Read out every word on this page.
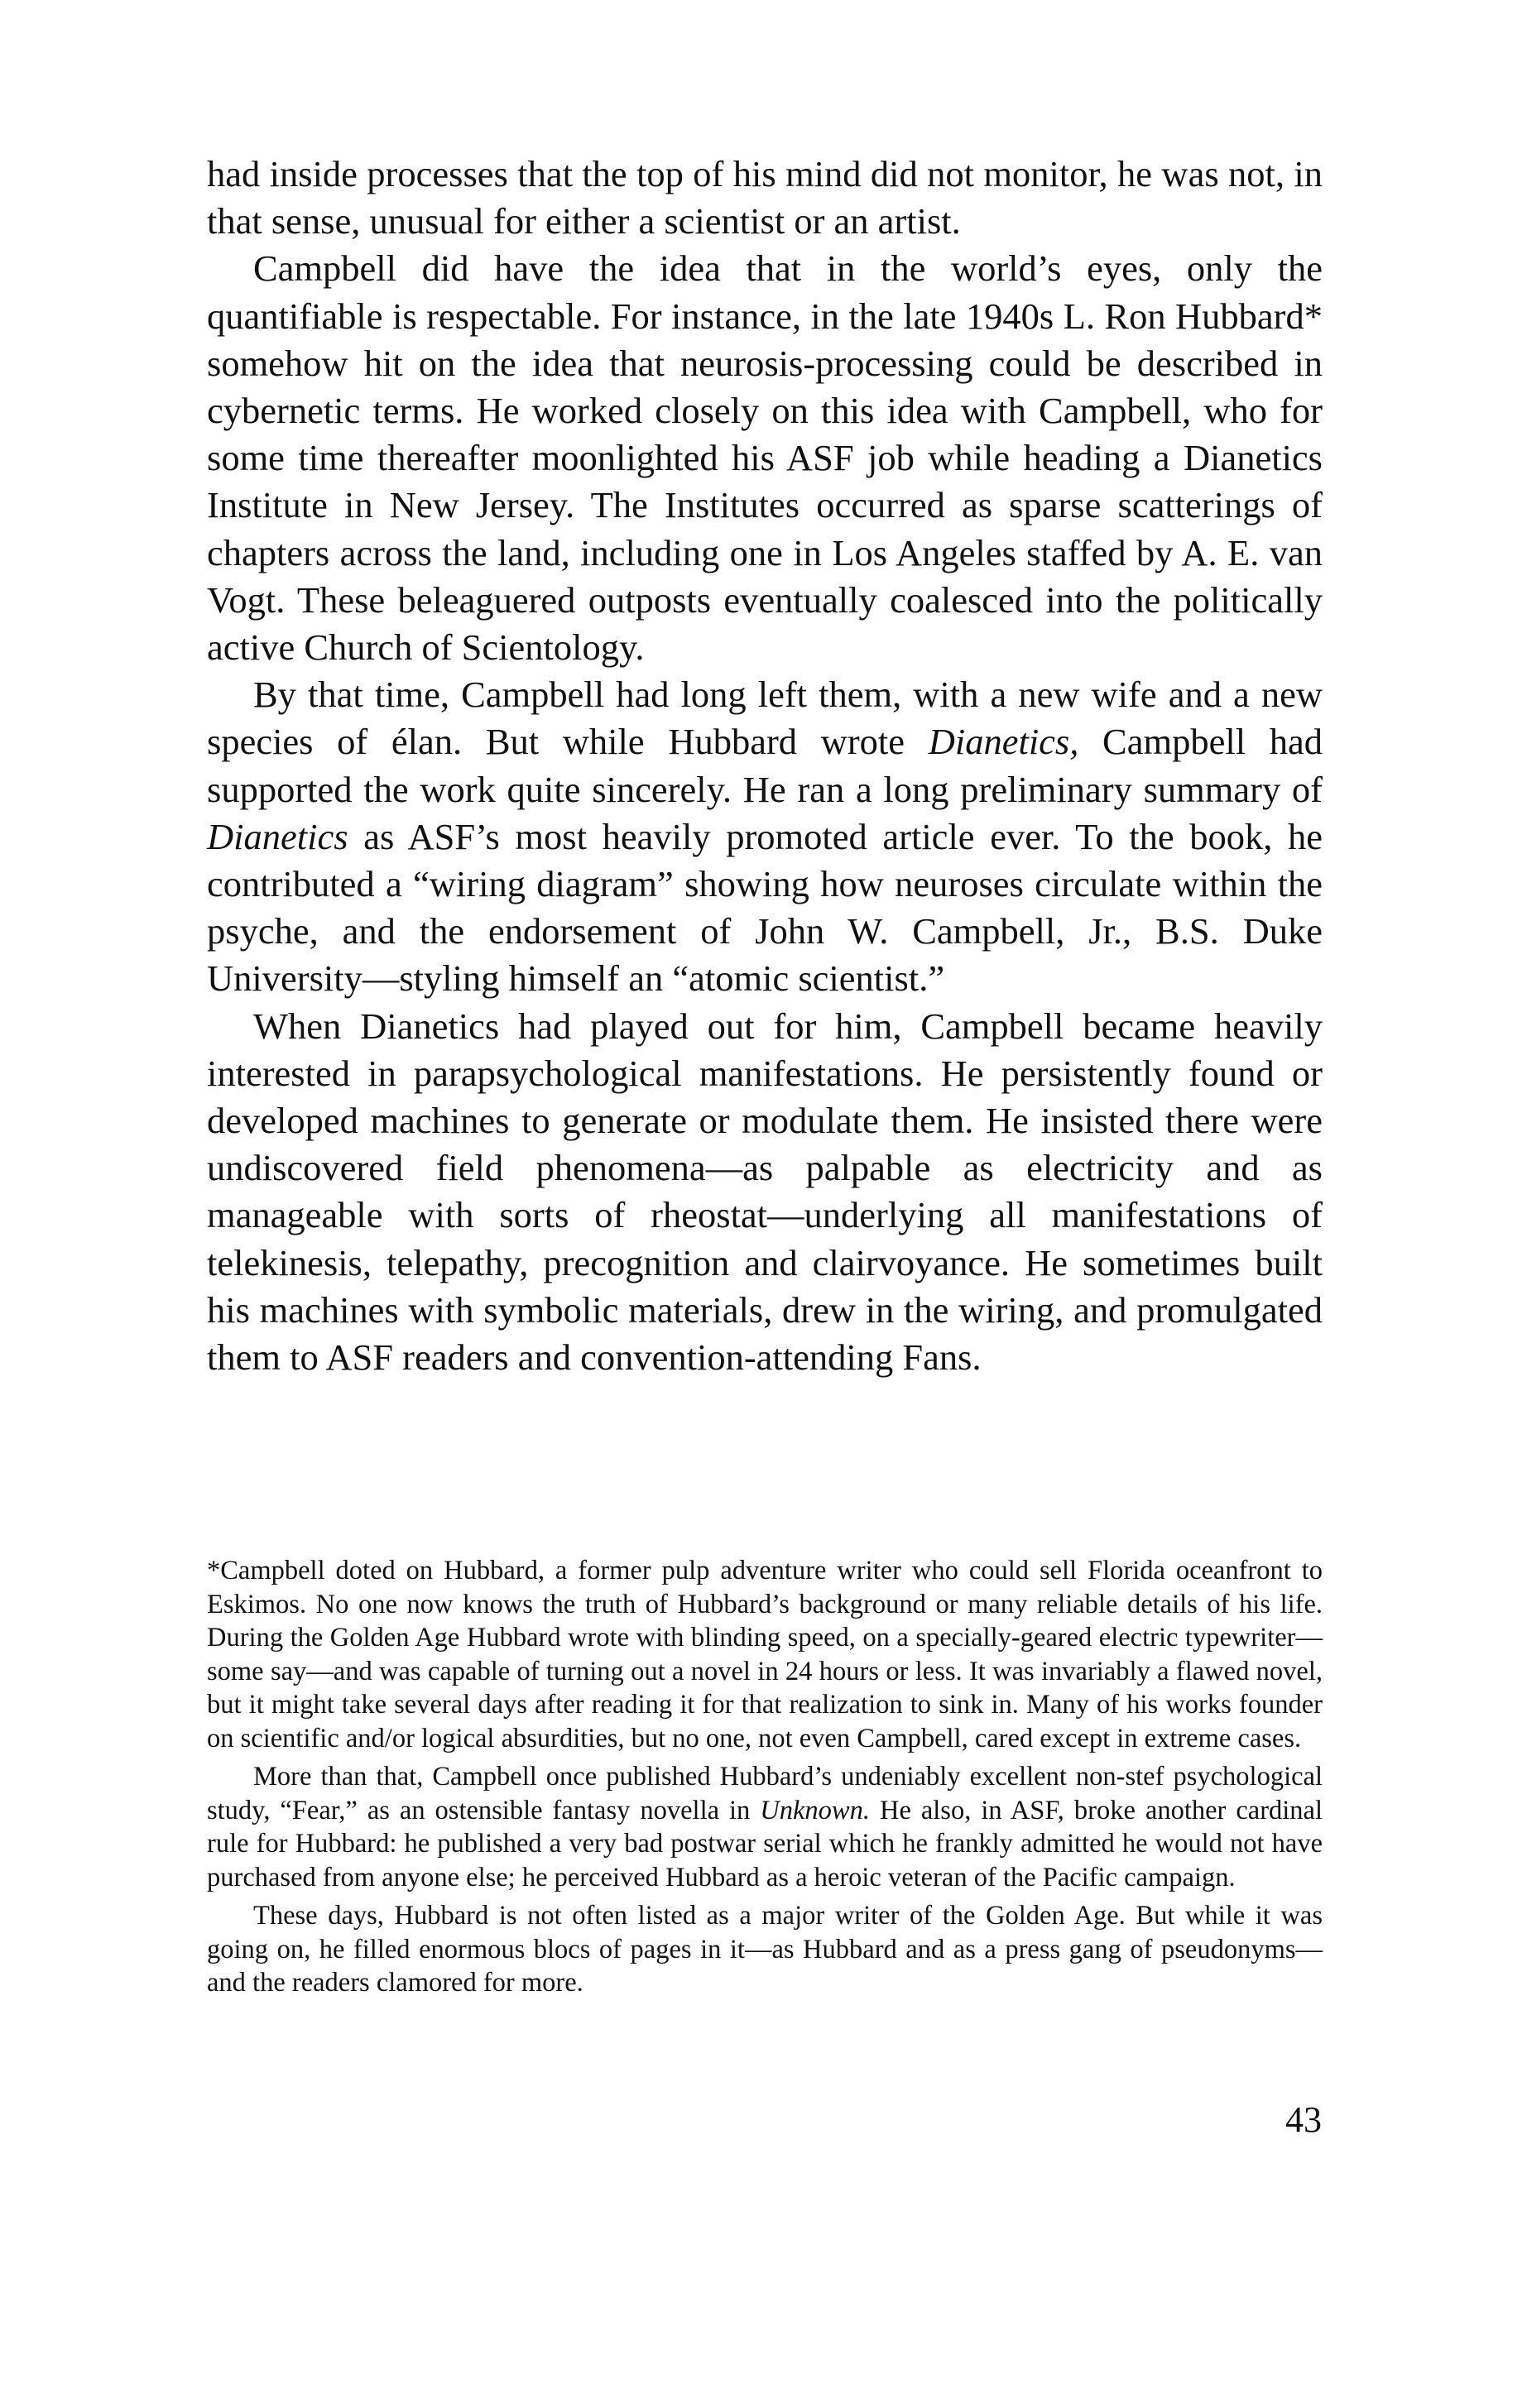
had inside processes that the top of his mind did not monitor, he was not, in that sense, unusual for either a scientist or an artist.

Campbell did have the idea that in the world’s eyes, only the quantifiable is respectable. For instance, in the late 1940s L. Ron Hubbard* somehow hit on the idea that neurosis-processing could be described in cybernetic terms. He worked closely on this idea with Campbell, who for some time thereafter moonlighted his ASF job while heading a Dianetics Institute in New Jersey. The Institutes occurred as sparse scatterings of chapters across the land, including one in Los Angeles staffed by A. E. van Vogt. These beleaguered outposts eventually coalesced into the politically active Church of Scientology.

By that time, Campbell had long left them, with a new wife and a new species of élan. But while Hubbard wrote Dianetics, Campbell had supported the work quite sincerely. He ran a long preliminary summary of Dianetics as ASF’s most heavily promoted article ever. To the book, he contributed a “wiring diagram” showing how neuroses circulate within the psyche, and the endorsement of John W. Campbell, Jr., B.S. Duke University—styling himself an “atomic scientist.”

When Dianetics had played out for him, Campbell became heavily interested in parapsychological manifestations. He persistently found or developed machines to generate or modulate them. He insisted there were undiscovered field phenomena—as palpable as electricity and as manageable with sorts of rheostat—underlying all manifestations of telekinesis, telepathy, precognition and clairvoyance. He sometimes built his machines with symbolic materials, drew in the wiring, and promulgated them to ASF readers and convention-attending Fans.

*Campbell doted on Hubbard, a former pulp adventure writer who could sell Florida oceanfront to Eskimos. No one now knows the truth of Hubbard’s background or many reliable details of his life. During the Golden Age Hubbard wrote with blinding speed, on a specially-geared electric typewriter—some say—and was capable of turning out a novel in 24 hours or less. It was invariably a flawed novel, but it might take several days after reading it for that realization to sink in. Many of his works founder on scientific and/or logical absurdities, but no one, not even Campbell, cared except in extreme cases.

More than that, Campbell once published Hubbard’s undeniably excellent non-stef psychological study, “Fear,” as an ostensible fantasy novella in Unknown. He also, in ASF, broke another cardinal rule for Hubbard: he published a very bad postwar serial which he frankly admitted he would not have purchased from anyone else; he perceived Hubbard as a heroic veteran of the Pacific campaign.

These days, Hubbard is not often listed as a major writer of the Golden Age. But while it was going on, he filled enormous blocs of pages in it—as Hubbard and as a press gang of pseudonyms—and the readers clamored for more.

43
